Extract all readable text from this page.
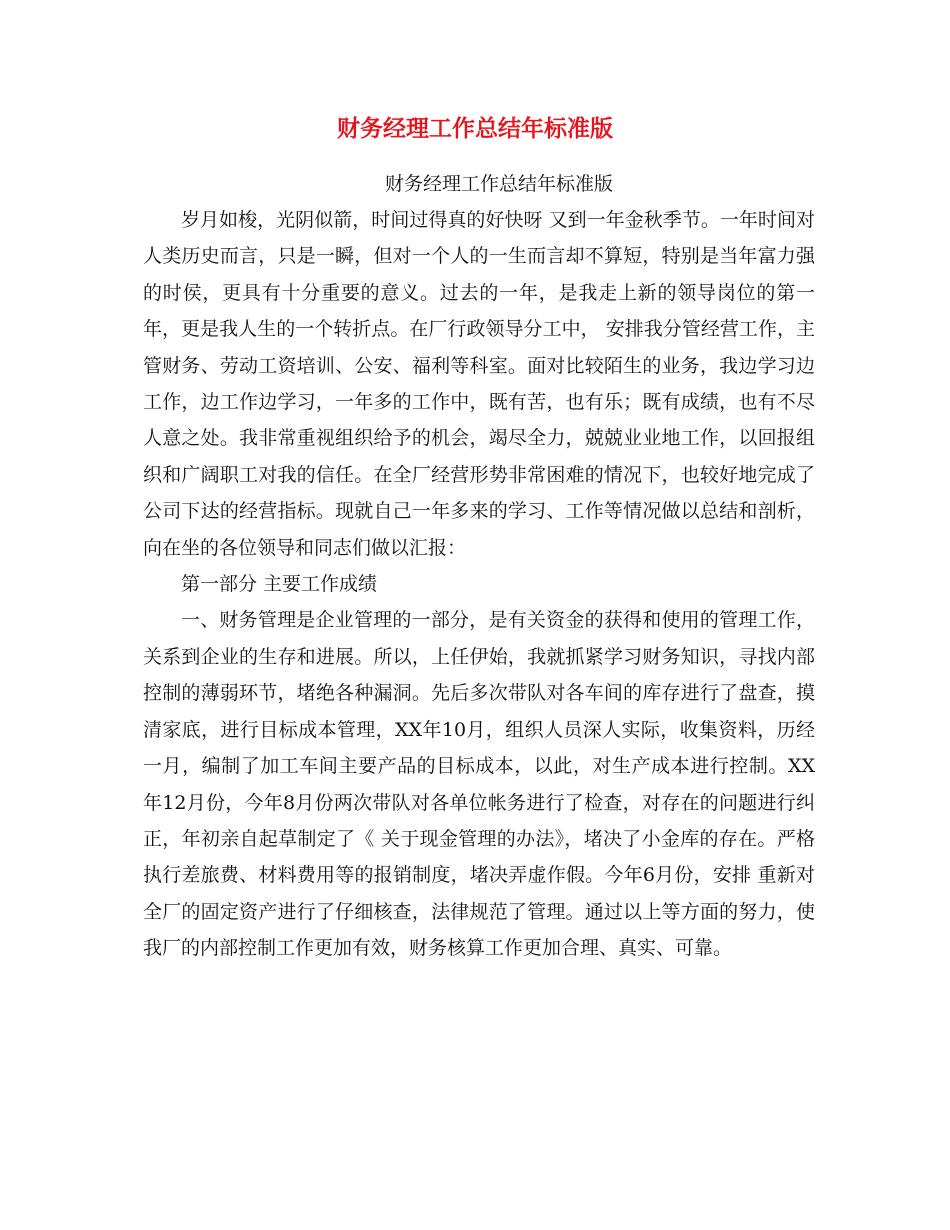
财务经理工作总结年标准版

财务经理工作总结年标准版

岁月如梭，光阴似箭，时间过得真的好快呀 又到一年金秋季节。一年时间对人类历史而言，只是一瞬，但对一个人的一生而言却不算短，特别是当年富力强的时侯，更具有十分重要的意义。过去的一年，是我走上新的领导岗位的第一年，更是我人生的一个转折点。在厂行政领导分工中， 安排我分管经营工作，主管财务、劳动工资培训、公安、福利等科室。面对比较陌生的业务，我边学习边工作，边工作边学习，一年多的工作中，既有苦，也有乐；既有成绩，也有不尽人意之处。我非常重视组织给予的机会，竭尽全力，兢兢业业地工作，以回报组织和广阔职工对我的信任。在全厂经营形势非常困难的情况下，也较好地完成了公司下达的经营指标。现就自己一年多来的学习、工作等情况做以总结和剖析，向在坐的各位领导和同志们做以汇报：

第一部分 主要工作成绩

一、财务管理是企业管理的一部分，是有关资金的获得和使用的管理工作，关系到企业的生存和进展。所以，上任伊始，我就抓紧学习财务知识，寻找内部控制的薄弱环节，堵绝各种漏洞。先后多次带队对各车间的库存进行了盘查，摸清家底，进行目标成本管理，XX年10月，组织人员深人实际，收集资料，历经一月，编制了加工车间主要产品的目标成本，以此，对生产成本进行控制。XX年12月份，今年8月份两次带队对各单位帐务进行了检查，对存在的问题进行纠正，年初亲自起草制定了《 关于现金管理的办法》，堵决了小金库的存在。严格执行差旅费、材料费用等的报销制度，堵决弄虚作假。今年6月份，安排 重新对全厂的固定资产进行了仔细核查，法律规范了管理。通过以上等方面的努力，使我厂的内部控制工作更加有效，财务核算工作更加合理、真实、可靠。
